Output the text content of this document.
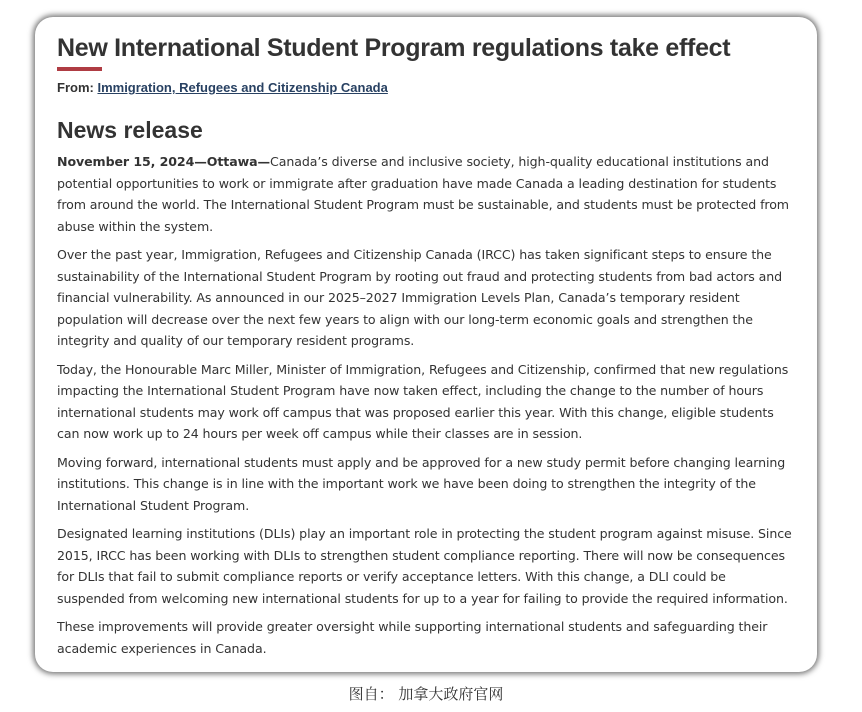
New International Student Program regulations take effect

From: Immigration, Refugees and Citizenship Canada

News release

November 15, 2024—Ottawa—Canada’s diverse and inclusive society, high-quality educational institutions and potential opportunities to work or immigrate after graduation have made Canada a leading destination for students from around the world. The International Student Program must be sustainable, and students must be protected from abuse within the system.

Over the past year, Immigration, Refugees and Citizenship Canada (IRCC) has taken significant steps to ensure the sustainability of the International Student Program by rooting out fraud and protecting students from bad actors and financial vulnerability. As announced in our 2025–2027 Immigration Levels Plan, Canada’s temporary resident population will decrease over the next few years to align with our long-term economic goals and strengthen the integrity and quality of our temporary resident programs.

Today, the Honourable Marc Miller, Minister of Immigration, Refugees and Citizenship, confirmed that new regulations impacting the International Student Program have now taken effect, including the change to the number of hours international students may work off campus that was proposed earlier this year. With this change, eligible students can now work up to 24 hours per week off campus while their classes are in session.

Moving forward, international students must apply and be approved for a new study permit before changing learning institutions. This change is in line with the important work we have been doing to strengthen the integrity of the International Student Program.

Designated learning institutions (DLIs) play an important role in protecting the student program against misuse. Since 2015, IRCC has been working with DLIs to strengthen student compliance reporting. There will now be consequences for DLIs that fail to submit compliance reports or verify acceptance letters. With this change, a DLI could be suspended from welcoming new international students for up to a year for failing to provide the required information.

These improvements will provide greater oversight while supporting international students and safeguarding their academic experiences in Canada.

图自： 加拿大政府官网
